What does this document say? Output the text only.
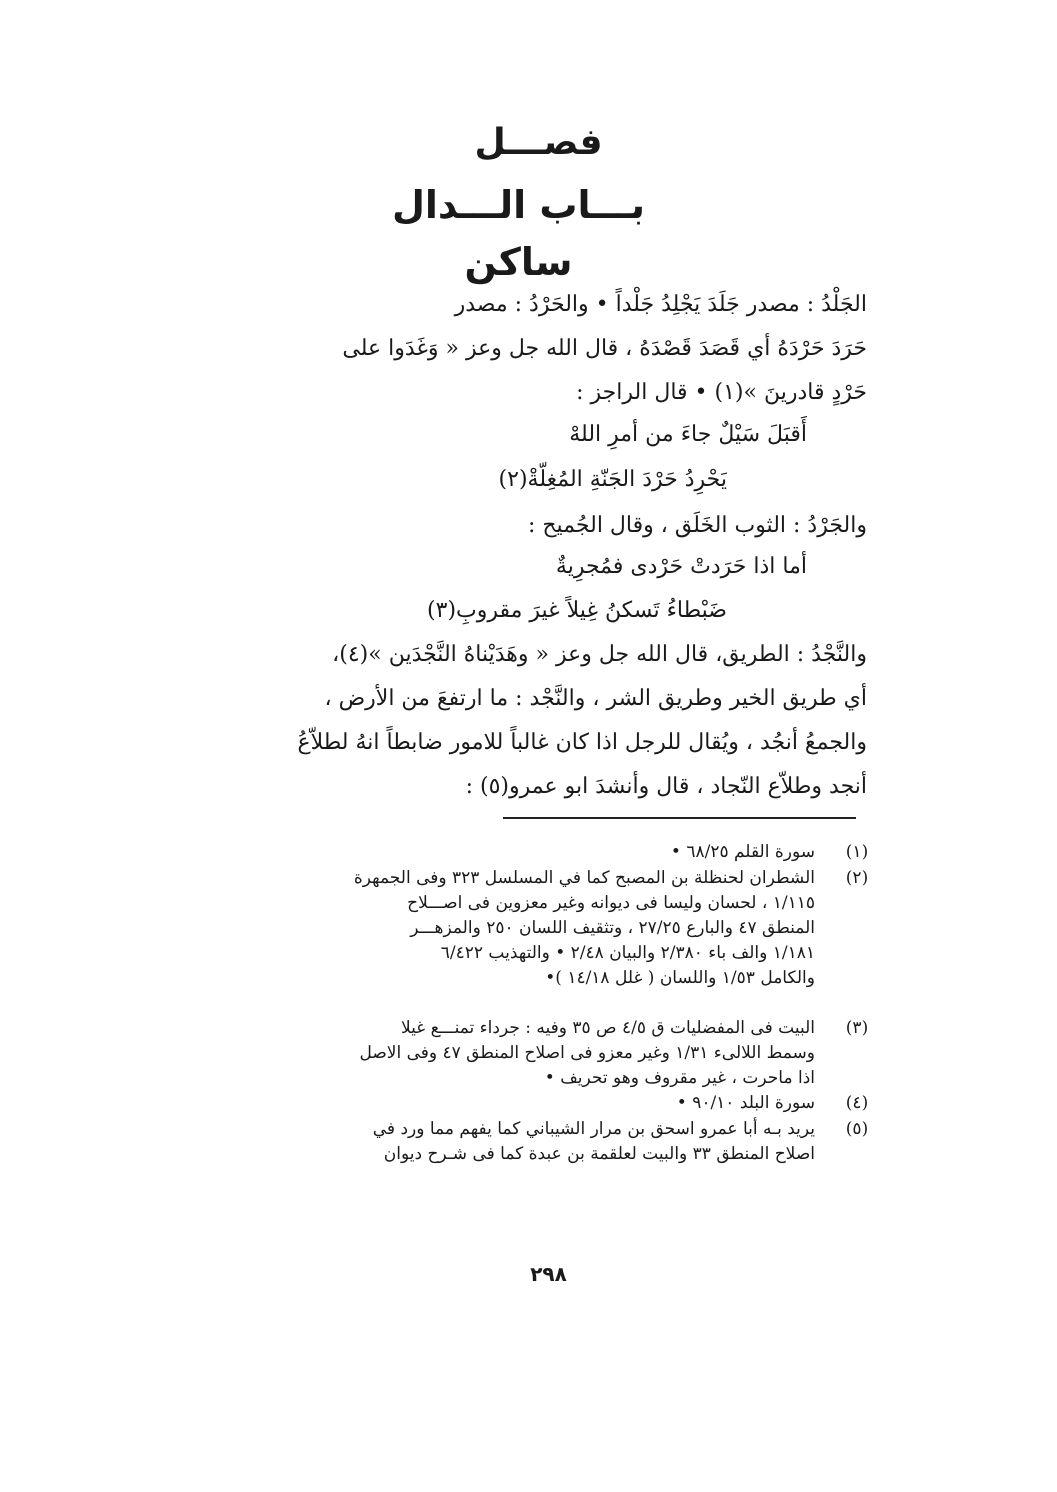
فصـــل
بـــاب الـــدال
ساكن
الجَلْدُ : مصدر جَلَدَ يَجْلِدُ جَلْداً • والحَرْدُ : مصدر
حَرَدَ حَرْدَهُ أي قَصَدَ قَصْدَهُ ، قال الله جل وعز « وَغَدَوا على
حَرْدٍ قادرينَ »(١) • قال الراجز :
أَقبَلَ سَيْلٌ جاءَ من أمرِ اللهْ
يَحْرِدُ حَرْدَ الجَنّةِ المُغِلّةْ(٢)
والجَرْدُ : الثوب الخَلَق ، وقال الجُميح :
أما اذا حَرَدتْ حَرْدى فمُجرِيةٌ
ضَبْطاءُ تَسكنُ غِيلاً غيرَ مقروبِ(٣)
والنَّجْدُ : الطريق، قال الله جل وعز « وهَدَيْناهُ النَّجْدَين »(٤)،
أي طريق الخير وطريق الشر ، والنَّجْد : ما ارتفعَ من الأرض ،
والجمعُ أنجُد ، ويُقال للرجل اذا كان غالباً للامور ضابطاً انهُ لطلاّعُ
أنجد وطلاّع النّجاد ، قال وأنشدَ ابو عمرو(٥) :
(١)
سورة القلم ٦٨/٢٥ •
(٢)
الشطران لحنظلة بن المصبح كما في المسلسل ٣٢٣ وفى الجمهرة
١/١١٥ ، لحسان وليسا فى ديوانه وغير معزوين فى اصـــلاح
المنطق ٤٧ والبارع ٢٧/٢٥ ، وتثقيف اللسان ٢٥٠ والمزهـــر
١/١٨١ والف باء ٢/٣٨٠ والبيان ٢/٤٨ • والتهذيب ٦/٤٢٢
والكامل ١/٥٣ واللسان ( غلل ١٤/١٨ )•
(٣)
البيت فى المفضليات ق ٤/٥ ص ٣٥ وفيه : جرداء تمنـــع غيلا
وسمط اللالىء ١/٣١ وغير معزو فى اصلاح المنطق ٤٧ وفى الاصل
اذا ماحرت ، غير مقروف وهو تحريف •
(٤)
سورة البلد ٩٠/١٠ •
(٥)
يريد بـه أبا عمرو اسحق بن مرار الشيباني كما يفهم مما ورد في
اصلاح المنطق ٣٣ والبيت لعلقمة بن عبدة كما فى شـرح ديوان
٢٩٨
